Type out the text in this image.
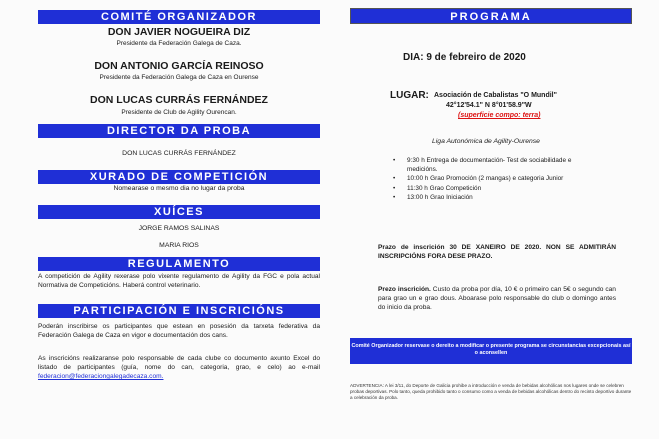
COMITÉ ORGANIZADOR
DON JAVIER NOGUEIRA DIZ
Presidente da Federación Galega de Caza.
DON ANTONIO GARCÍA REINOSO
Presidente da Federación Galega de Caza en Ourense
DON LUCAS CURRÁS FERNÁNDEZ
Presidente de Club de Agility Ourencan.
DIRECTOR DA PROBA
DON LUCAS CURRÁS FERNÁNDEZ
XURADO DE COMPETICIÓN
Nomearase o mesmo dia no lugar da proba
XUÍCES
JORGE RAMOS SALINAS
MARIA RIOS
REGULAMENTO
A competición de Agility rexerase polo vixente regulamento de Agility da FGC e pola actual Normativa de Competicións. Haberá control veterinario.
PARTICIPACIÓN E INSCRICIÓNS
Poderán inscribirse os participantes que estean en posesión da tarxeta federativa da Federación Galega de Caza en vigor e documentación dos cans.
As inscricións realizaranse polo responsable de cada clube co documento axunto Excel do listado de participantes (guía, nome do can, categoria, grao, e celo) ao e-mail federacion@federaciongalegadecaza.com.
PROGRAMA
DIA: 9 de febreiro de 2020
LUGAR: Asociación de Cabalistas "O Mundil"
42°12'54.1" N 8°01'58.9"W
(superficie compo: terra)
Liga Autonómica de Agility-Ourense
• 9:30 h Entrega de documentación- Test de sociabilidade e medicións.
• 10:00 h Grao Promoción (2 mangas) e categoria Junior
• 11:30 h Grao Competición
• 13:00 h Grao Iniciación
Prazo de inscrición 30 DE XANEIRO DE 2020. NON SE ADMITIRÁN INSCRIPCIÓNS FORA DESE PRAZO.
Prezo inscrición. Custo da proba por día, 10 € o primeiro can 5€ o segundo can para grao un e grao dous. Aboarase polo responsable do club o domingo antes do inicio da proba.
Comité Organizador reservase o dereito a modificar o presente programa se circunstancias excepcionais así o aconsellen
ADVERTENCIA: A lei 3/11, do Deporte de Galicia prohibe a introducción e venda de bebidas alcohólicas nos lugares onde se celebren probas deportivas. Polo tanto, queda prohibido tanto o consumo como a venda de bebidas alcohólicas dentro do recinto deportivo durante a celebración da proba.
